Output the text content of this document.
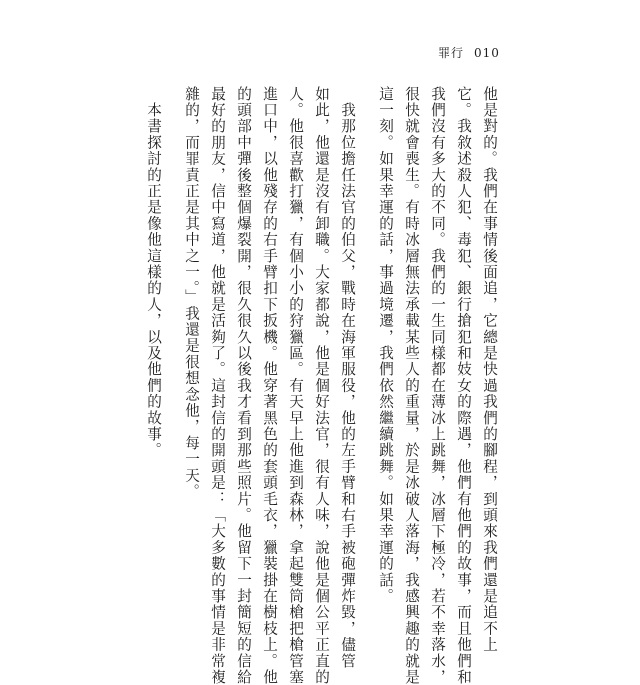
罪行 010
他是對的。我們在事情後面追，它總是快過我們的腳程，到頭來我們還是追不上
它。我敘述殺人犯、毒犯、銀行搶犯和妓女的際遇，他們有他們的故事，而且他們和
我們沒有多大的不同。我們的一生同樣都在薄冰上跳舞，冰層下極冷，若不幸落水，
很快就會喪生。有時冰層無法承載某些人的重量，於是冰破人落海，我感興趣的就是
這一刻。如果幸運的話，事過境遷，我們依然繼續跳舞。如果幸運的話。
　我那位擔任法官的伯父，戰時在海軍服役，他的左手臂和右手被砲彈炸毀，儘管
如此，他還是沒有卸職。大家都說，他是個好法官，很有人味，說他是個公平正直的
人。他很喜歡打獵，有個小小的狩獵區。有天早上他進到森林，拿起雙筒槍把槍管塞
進口中，以他殘存的右手臂扣下扳機。他穿著黑色的套頭毛衣，獵裝掛在樹枝上。他
的頭部中彈後整個爆裂開，很久很久以後我才看到那些照片。他留下一封簡短的信給
最好的朋友，信中寫道，他就是活夠了。這封信的開頭是：「大多數的事情是非常複
雜的，而罪責正是其中之一。」我還是很想念他，每一天。
　本書探討的正是像他這樣的人，以及他們的故事。
